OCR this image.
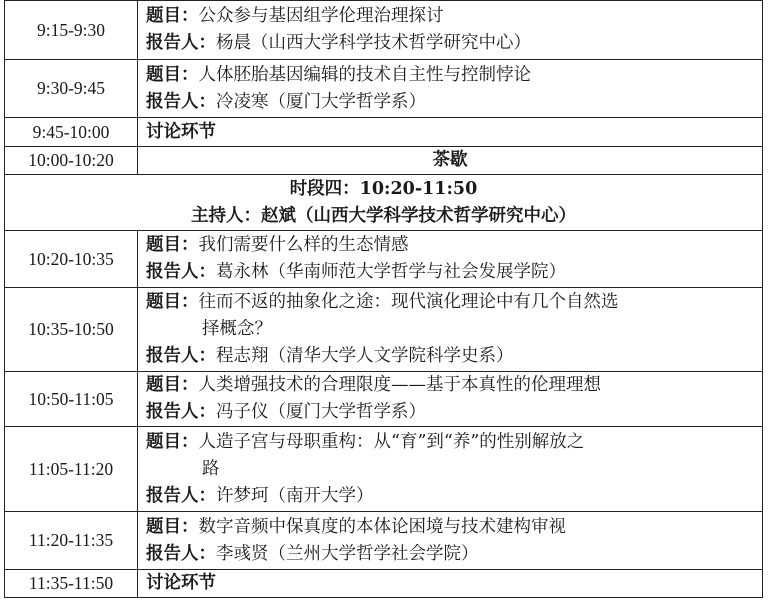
9:15-9:30	题目：公众参与基因组学伦理治理探讨
报告人：杨晨（山西大学科学技术哲学研究中心）

9:30-9:45	题目：人体胚胎基因编辑的技术自主性与控制悖论
报告人：冷凌寒（厦门大学哲学系）

9:45-10:00	讨论环节
10:00-10:20	茶歇

时段四：10:20-11:50
主持人：赵斌（山西大学科学技术哲学研究中心）	

10:20-10:35	题目：我们需要什么样的生态情感
报告人：葛永林（华南师范大学哲学与社会发展学院）

10:35-10:50	题目：往而不返的抽象化之途：现代演化理论中有几个自然选
择概念？
报告人：程志翔（清华大学人文学院科学史系）

10:50-11:05	题目：人类增强技术的合理限度——基于本真性的伦理理想
报告人：冯子仪（厦门大学哲学系）

11:05-11:20	题目：人造子宫与母职重构：从“育”到“养”的性别解放之
路
报告人：许梦珂（南开大学）

11:20-11:35	题目：数字音频中保真度的本体论困境与技术建构审视
报告人：李彧贤（兰州大学哲学社会学院）

11:35-11:50	讨论环节
